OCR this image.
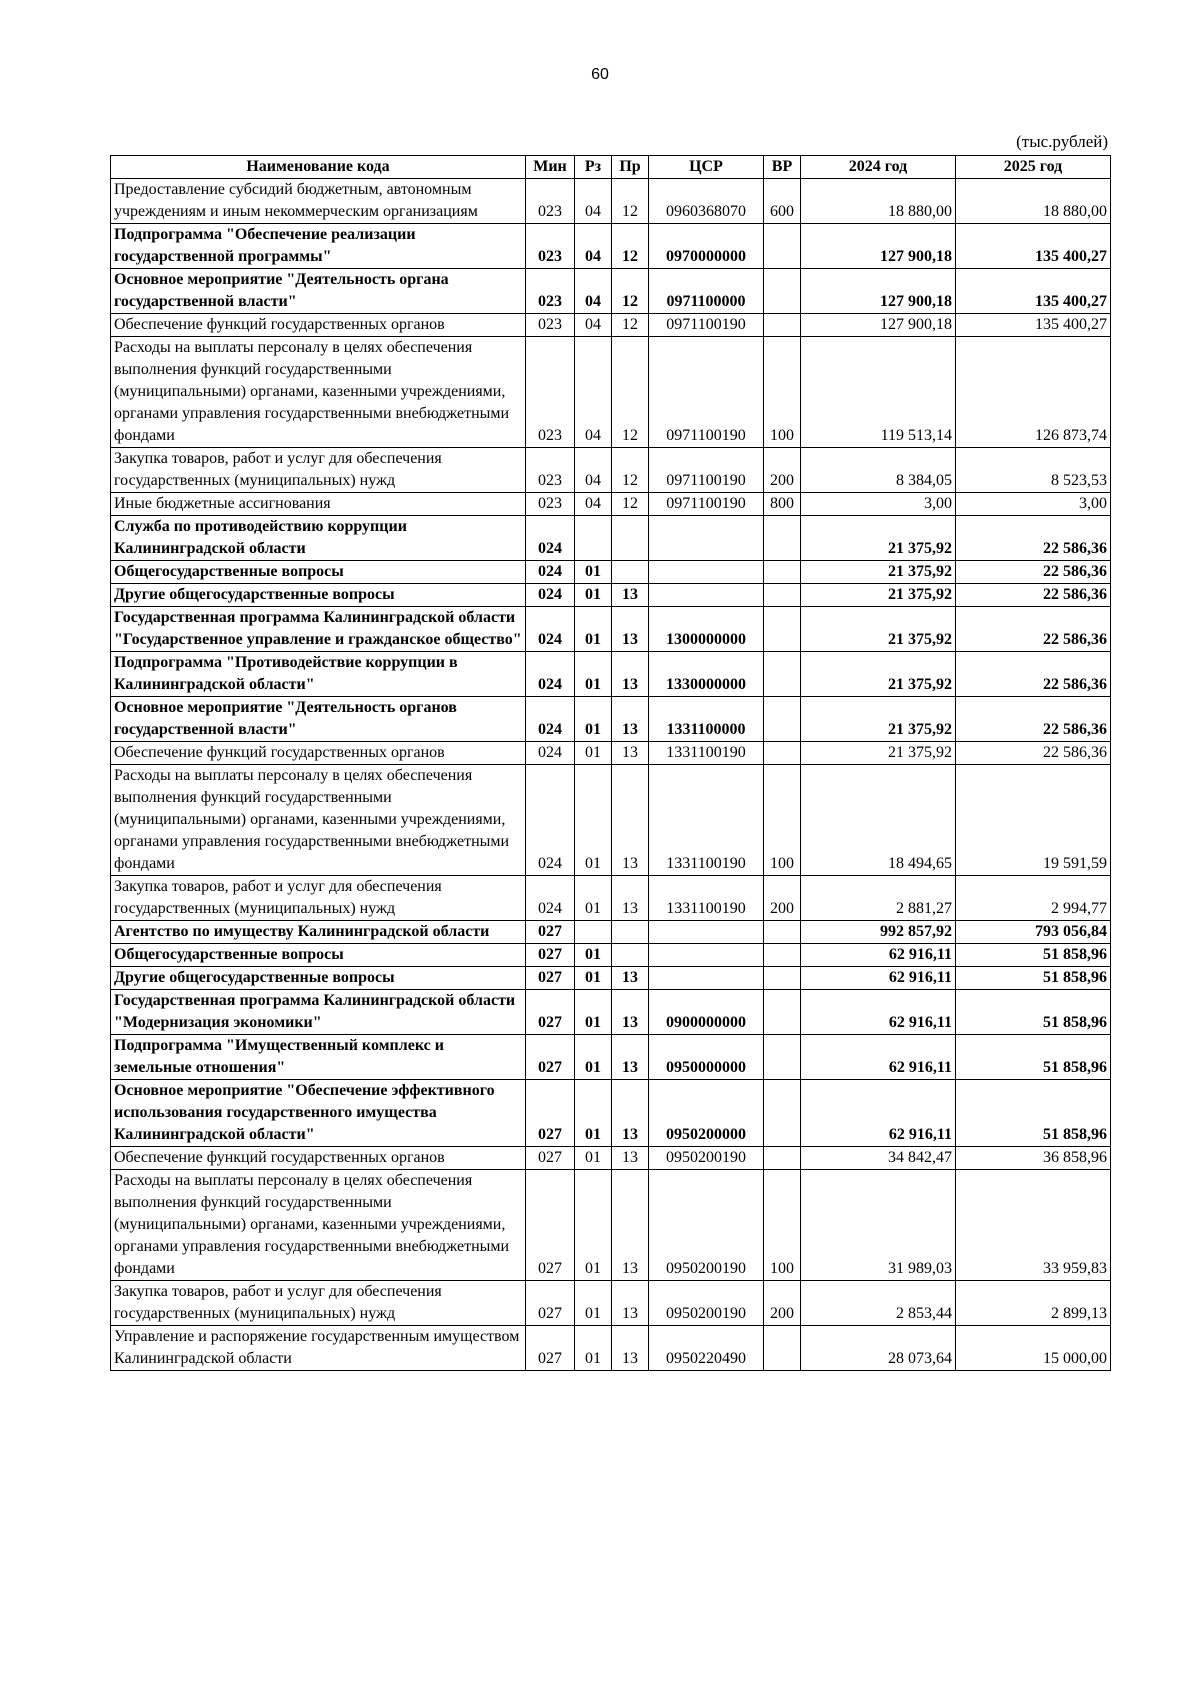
60
(тыс.рублей)
Наименование кода	Мин	Рз	Пр	ЦСР	ВР	2024 год	2025 год
Предоставление субсидий бюджетным, автономным учреждениям и иным некоммерческим организациям	023	04	12	0960368070	600	18 880,00	18 880,00
Подпрограмма "Обеспечение реализации государственной программы"	023	04	12	0970000000		127 900,18	135 400,27
Основное мероприятие "Деятельность органа государственной власти"	023	04	12	0971100000		127 900,18	135 400,27
Обеспечение функций государственных органов	023	04	12	0971100190		127 900,18	135 400,27
Расходы на выплаты персоналу в целях обеспечения выполнения функций государственными (муниципальными) органами, казенными учреждениями, органами управления государственными внебюджетными фондами	023	04	12	0971100190	100	119 513,14	126 873,74
Закупка товаров, работ и услуг для обеспечения государственных (муниципальных) нужд	023	04	12	0971100190	200	8 384,05	8 523,53
Иные бюджетные ассигнования	023	04	12	0971100190	800	3,00	3,00
Служба по противодействию коррупции Калининградской области	024					21 375,92	22 586,36
Общегосударственные вопросы	024	01				21 375,92	22 586,36
Другие общегосударственные вопросы	024	01	13			21 375,92	22 586,36
Государственная программа Калининградской области "Государственное управление и гражданское общество"	024	01	13	1300000000		21 375,92	22 586,36
Подпрограмма "Противодействие коррупции в Калининградской области"	024	01	13	1330000000		21 375,92	22 586,36
Основное мероприятие "Деятельность органов государственной власти"	024	01	13	1331100000		21 375,92	22 586,36
Обеспечение функций государственных органов	024	01	13	1331100190		21 375,92	22 586,36
Расходы на выплаты персоналу в целях обеспечения выполнения функций государственными (муниципальными) органами, казенными учреждениями, органами управления государственными внебюджетными фондами	024	01	13	1331100190	100	18 494,65	19 591,59
Закупка товаров, работ и услуг для обеспечения государственных (муниципальных) нужд	024	01	13	1331100190	200	2 881,27	2 994,77
Агентство по имуществу Калининградской области	027					992 857,92	793 056,84
Общегосударственные вопросы	027	01				62 916,11	51 858,96
Другие общегосударственные вопросы	027	01	13			62 916,11	51 858,96
Государственная программа Калининградской области "Модернизация экономики"	027	01	13	0900000000		62 916,11	51 858,96
Подпрограмма "Имущественный комплекс и земельные отношения"	027	01	13	0950000000		62 916,11	51 858,96
Основное мероприятие "Обеспечение эффективного использования государственного имущества Калининградской области"	027	01	13	0950200000		62 916,11	51 858,96
Обеспечение функций государственных органов	027	01	13	0950200190		34 842,47	36 858,96
Расходы на выплаты персоналу в целях обеспечения выполнения функций государственными (муниципальными) органами, казенными учреждениями, органами управления государственными внебюджетными фондами	027	01	13	0950200190	100	31 989,03	33 959,83
Закупка товаров, работ и услуг для обеспечения государственных (муниципальных) нужд	027	01	13	0950200190	200	2 853,44	2 899,13
Управление и распоряжение государственным имуществом Калининградской области	027	01	13	0950220490		28 073,64	15 000,00
